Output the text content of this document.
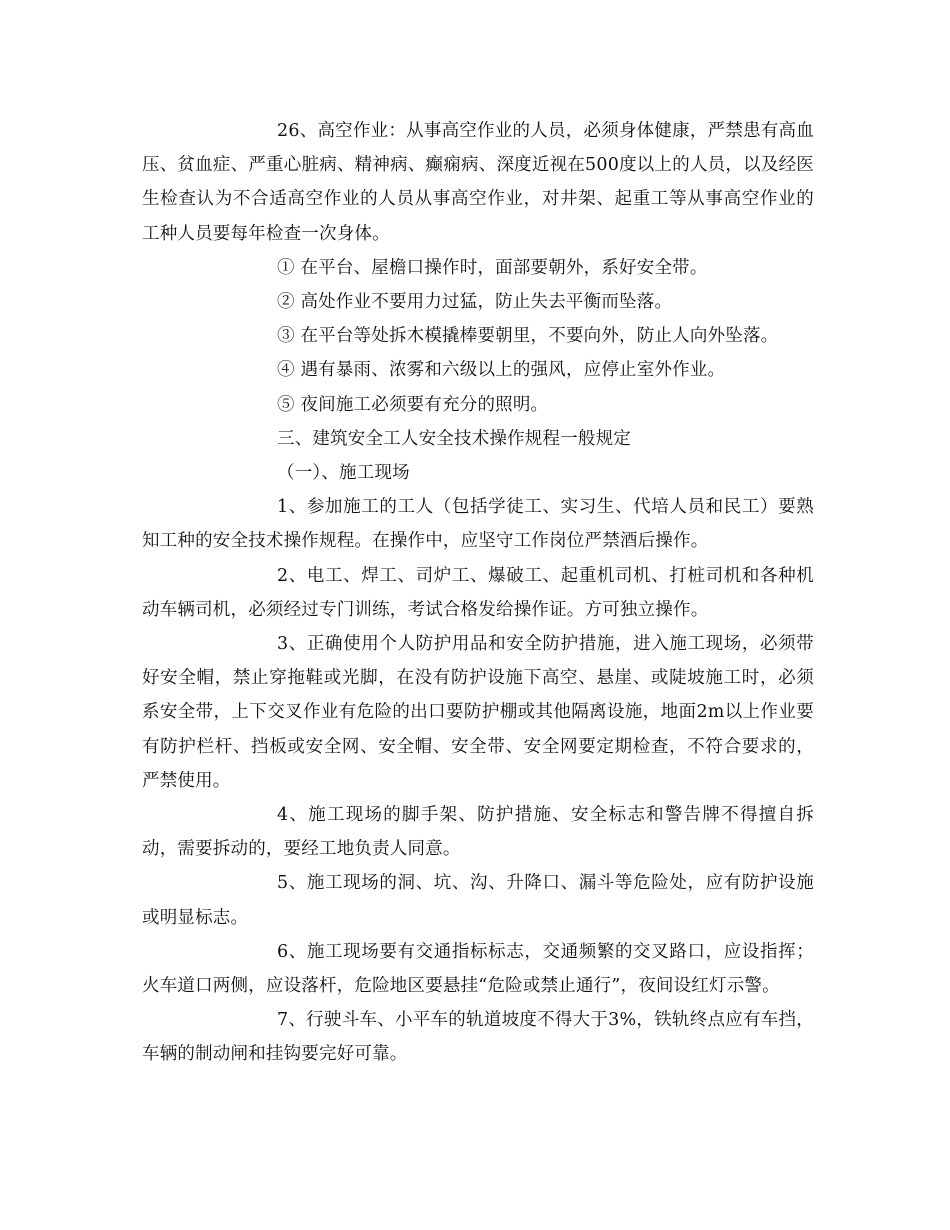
26、高空作业：从事高空作业的人员，必须身体健康，严禁患有高血压、贫血症、严重心脏病、精神病、癫痫病、深度近视在500度以上的人员，以及经医生检查认为不合适高空作业的人员从事高空作业，对井架、起重工等从事高空作业的工种人员要每年检查一次身体。

① 在平台、屋檐口操作时，面部要朝外，系好安全带。

② 高处作业不要用力过猛，防止失去平衡而坠落。

③ 在平台等处拆木模撬棒要朝里，不要向外，防止人向外坠落。

④ 遇有暴雨、浓雾和六级以上的强风，应停止室外作业。

⑤ 夜间施工必须要有充分的照明。

三、建筑安全工人安全技术操作规程一般规定

（一）、施工现场

1、参加施工的工人（包括学徒工、实习生、代培人员和民工）要熟知工种的安全技术操作规程。在操作中，应坚守工作岗位严禁酒后操作。

2、电工、焊工、司炉工、爆破工、起重机司机、打桩司机和各种机动车辆司机，必须经过专门训练，考试合格发给操作证。方可独立操作。

3、正确使用个人防护用品和安全防护措施，进入施工现场，必须带好安全帽，禁止穿拖鞋或光脚，在没有防护设施下高空、悬崖、或陡坡施工时，必须系安全带，上下交叉作业有危险的出口要防护棚或其他隔离设施，地面2m以上作业要有防护栏杆、挡板或安全网、安全帽、安全带、安全网要定期检查，不符合要求的，严禁使用。

4、施工现场的脚手架、防护措施、安全标志和警告牌不得擅自拆动，需要拆动的，要经工地负责人同意。

5、施工现场的洞、坑、沟、升降口、漏斗等危险处，应有防护设施或明显标志。

6、施工现场要有交通指标标志，交通频繁的交叉路口，应设指挥；火车道口两侧，应设落杆，危险地区要悬挂“危险或禁止通行”，夜间设红灯示警。

7、行驶斗车、小平车的轨道坡度不得大于3%，铁轨终点应有车挡，车辆的制动闸和挂钩要完好可靠。
